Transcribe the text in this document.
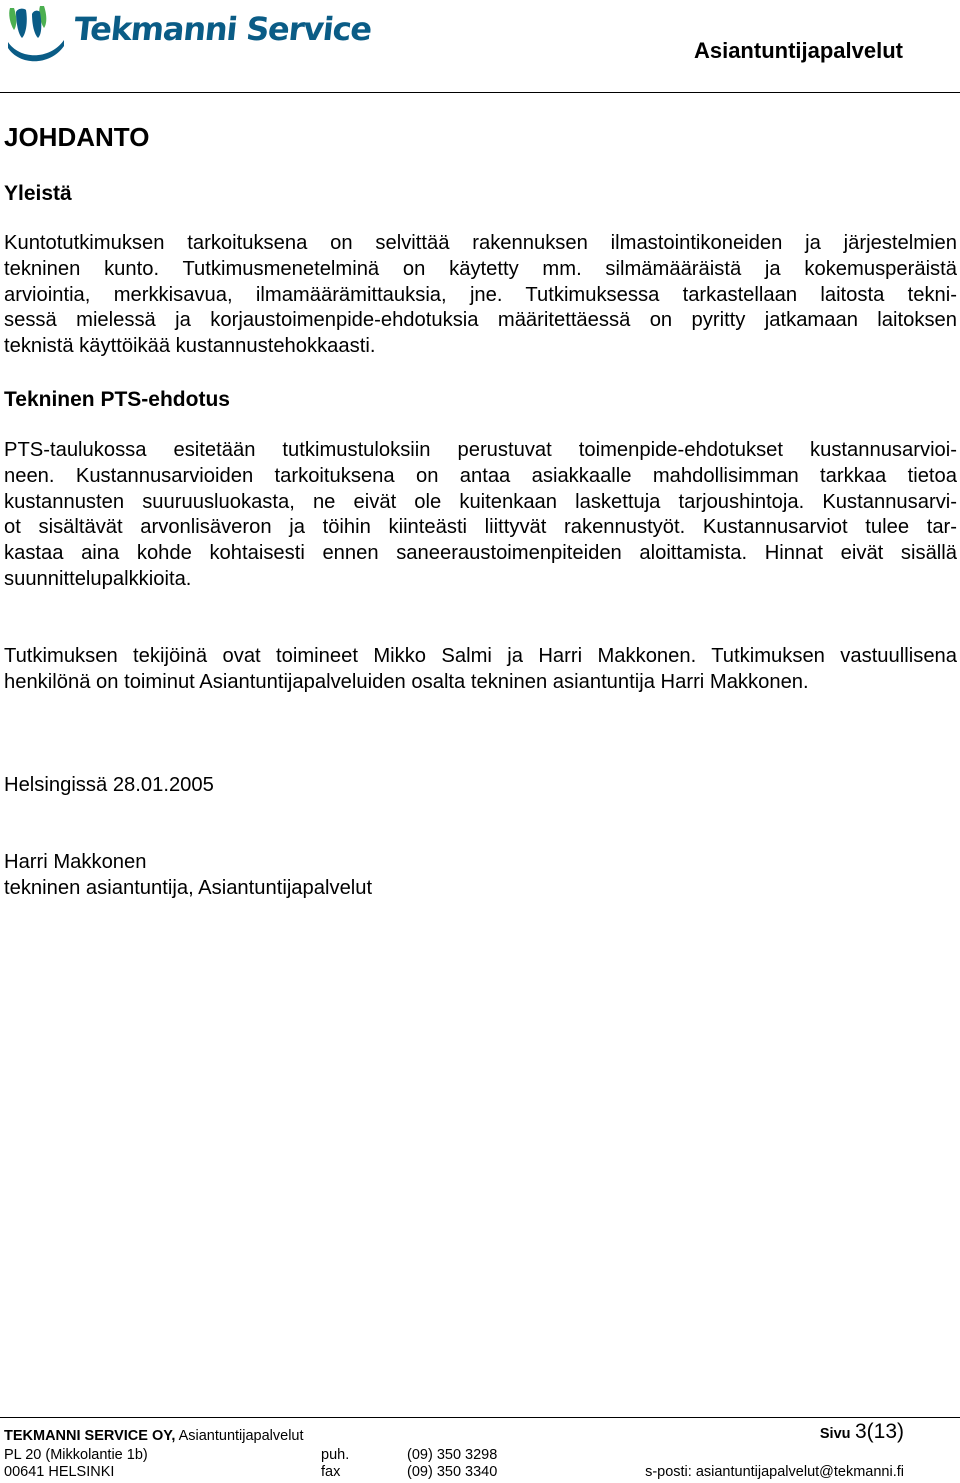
Tekmanni Service
Asiantuntijapalvelut
JOHDANTO
Yleistä
Kuntotutkimuksen tarkoituksena on selvittää rakennuksen ilmastointikoneiden ja järjestelmien
tekninen kunto. Tutkimusmenetelminä on käytetty mm. silmämääräistä ja kokemusperäistä
arviointia, merkkisavua, ilmamäärämittauksia, jne. Tutkimuksessa tarkastellaan laitosta tekni-
sessä mielessä ja korjaustoimenpide-ehdotuksia määritettäessä on pyritty jatkamaan laitoksen
teknistä käyttöikää kustannustehokkaasti.
Tekninen PTS-ehdotus
PTS-taulukossa esitetään tutkimustuloksiin perustuvat toimenpide-ehdotukset kustannusarvioi-
neen. Kustannusarvioiden tarkoituksena on antaa asiakkaalle mahdollisimman tarkkaa tietoa
kustannusten suuruusluokasta, ne eivät ole kuitenkaan laskettuja tarjoushintoja. Kustannusarvi-
ot sisältävät arvonlisäveron ja töihin kiinteästi liittyvät rakennustyöt. Kustannusarviot tulee tar-
kastaa aina kohde kohtaisesti ennen saneeraustoimenpiteiden aloittamista. Hinnat eivät sisällä
suunnittelupalkkioita.
Tutkimuksen tekijöinä ovat toimineet Mikko Salmi ja Harri Makkonen. Tutkimuksen vastuullisena
henkilönä on toiminut Asiantuntijapalveluiden osalta tekninen asiantuntija Harri Makkonen.
Helsingissä 28.01.2005
Harri Makkonen
tekninen asiantuntija, Asiantuntijapalvelut
TEKMANNI SERVICE OY, Asiantuntijapalvelut	Sivu 3(13)
PL 20 (Mikkolantie 1b)
00641 HELSINKI
puh.
fax
(09) 350 3298
(09) 350 3340	s-posti: asiantuntijapalvelut@tekmanni.fi
